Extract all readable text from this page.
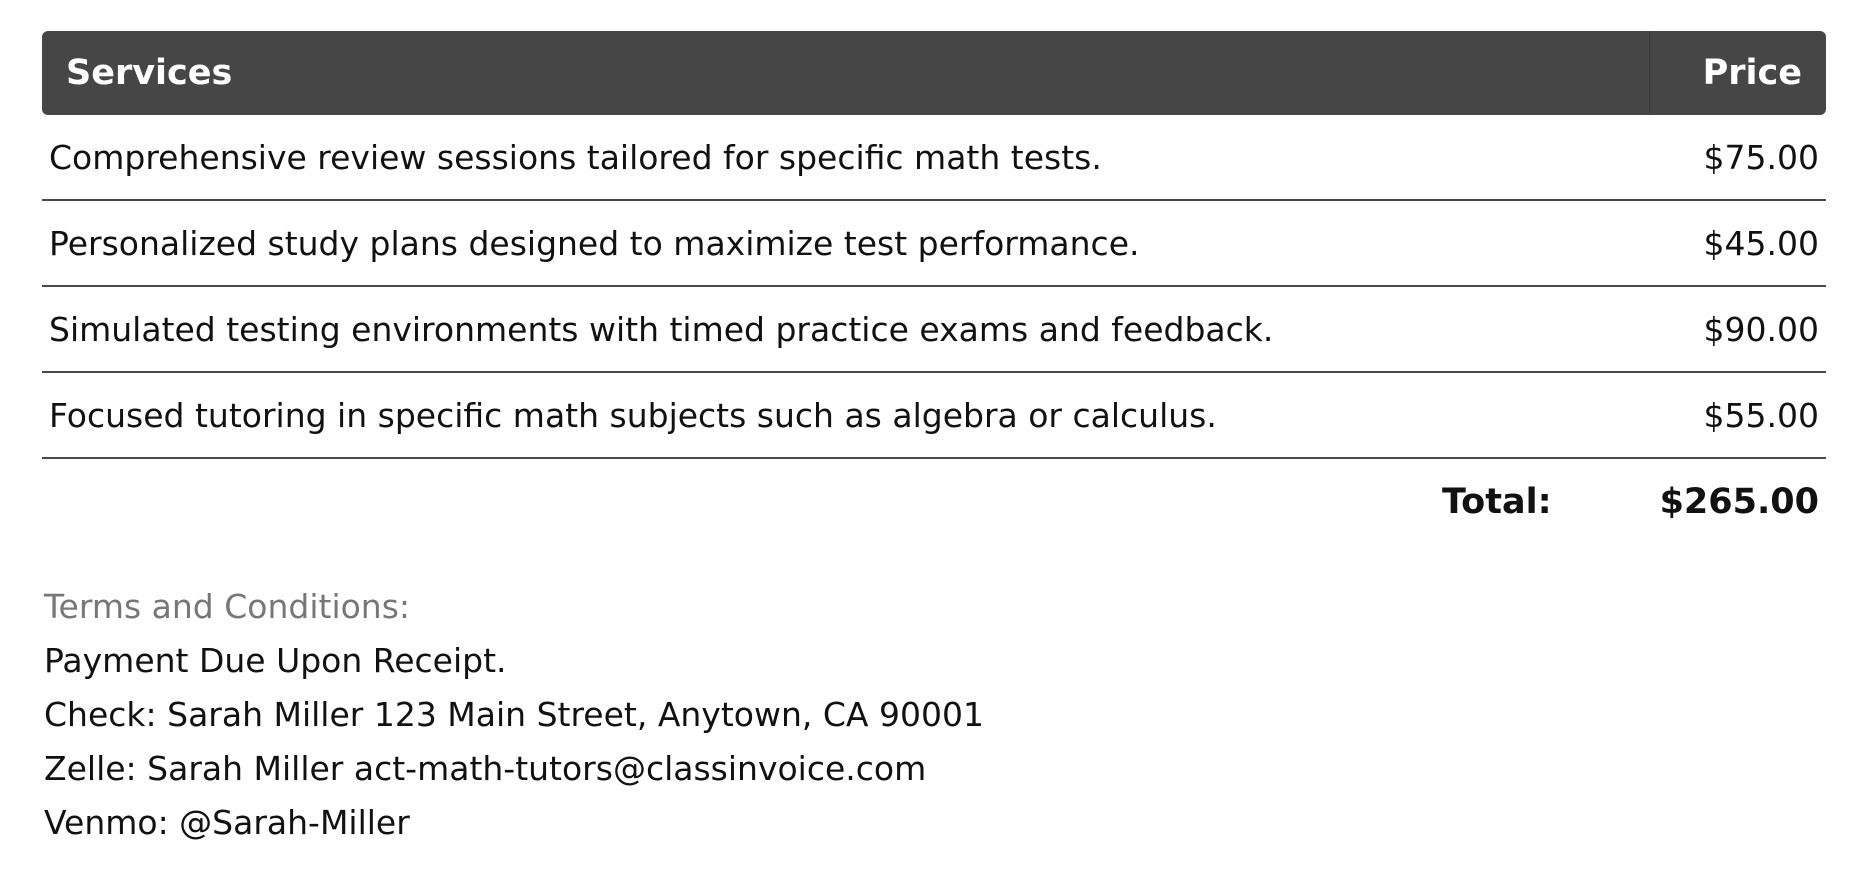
Services	Price
Comprehensive review sessions tailored for specific math tests.	$75.00
Personalized study plans designed to maximize test performance.	$45.00
Simulated testing environments with timed practice exams and feedback.	$90.00
Focused tutoring in specific math subjects such as algebra or calculus.	$55.00
Total:	$265.00
Terms and Conditions:
Payment Due Upon Receipt.
Check: Sarah Miller 123 Main Street, Anytown, CA 90001
Zelle: Sarah Miller act-math-tutors@classinvoice.com
Venmo: @Sarah-Miller
